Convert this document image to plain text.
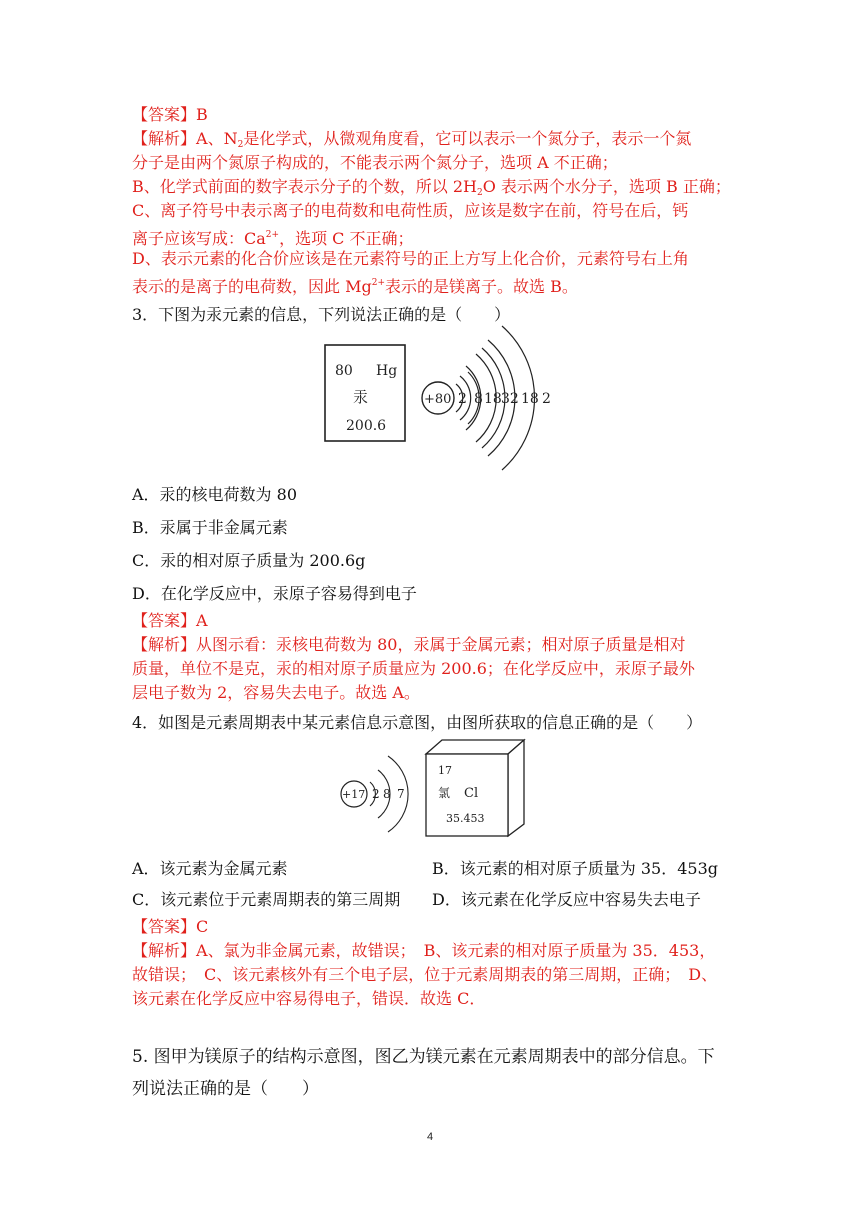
【答案】B
【解析】A、$N_2$是化学式，从微观角度看，它可以表示一个氮分子，表示一个氮
分子是由两个氮原子构成的，不能表示两个氮分子，选项 A 不正确；
B、化学式前面的数字表示分子的个数，所以 $2H_2O$ 表示两个水分子，选项 B 正确；
C、离子符号中表示离子的电荷数和电荷性质，应该是数字在前，符号在后，钙
离子应该写成：$Ca^{2+}$，选项 C 不正确；
D、表示元素的化合价应该是在元素符号的正上方写上化合价，元素符号右上角
表示的是离子的电荷数，因此 $Mg^{2+}$表示的是镁离子。故选 B。
3．下图为汞元素的信息，下列说法正确的是（　　）
80 Hg
汞
200.6
+80 2 8 18 32 18 2
A．汞的核电荷数为 80
B．汞属于非金属元素
C．汞的相对原子质量为 200.6g
D．在化学反应中，汞原子容易得到电子
【答案】A
【解析】从图示看：汞核电荷数为 80，汞属于金属元素；相对原子质量是相对
质量，单位不是克，汞的相对原子质量应为 200.6；在化学反应中，汞原子最外
层电子数为 2，容易失去电子。故选 A。
4．如图是元素周期表中某元素信息示意图，由图所获取的信息正确的是（　　）
+17 2 8 7
17
氯 Cl
35.453
A．该元素为金属元素	B．该元素的相对原子质量为 35．453g
C．该元素位于元素周期表的第三周期 D．该元素在化学反应中容易失去电子
【答案】C
【解析】A、氯为非金属元素，故错误；　B、该元素的相对原子质量为 35．453，
故错误；　C、该元素核外有三个电子层，位于元素周期表的第三周期，正确；　D、
该元素在化学反应中容易得电子，错误．故选 C．
5. 图甲为镁原子的结构示意图，图乙为镁元素在元素周期表中的部分信息。下
列说法正确的是（　　）
4
